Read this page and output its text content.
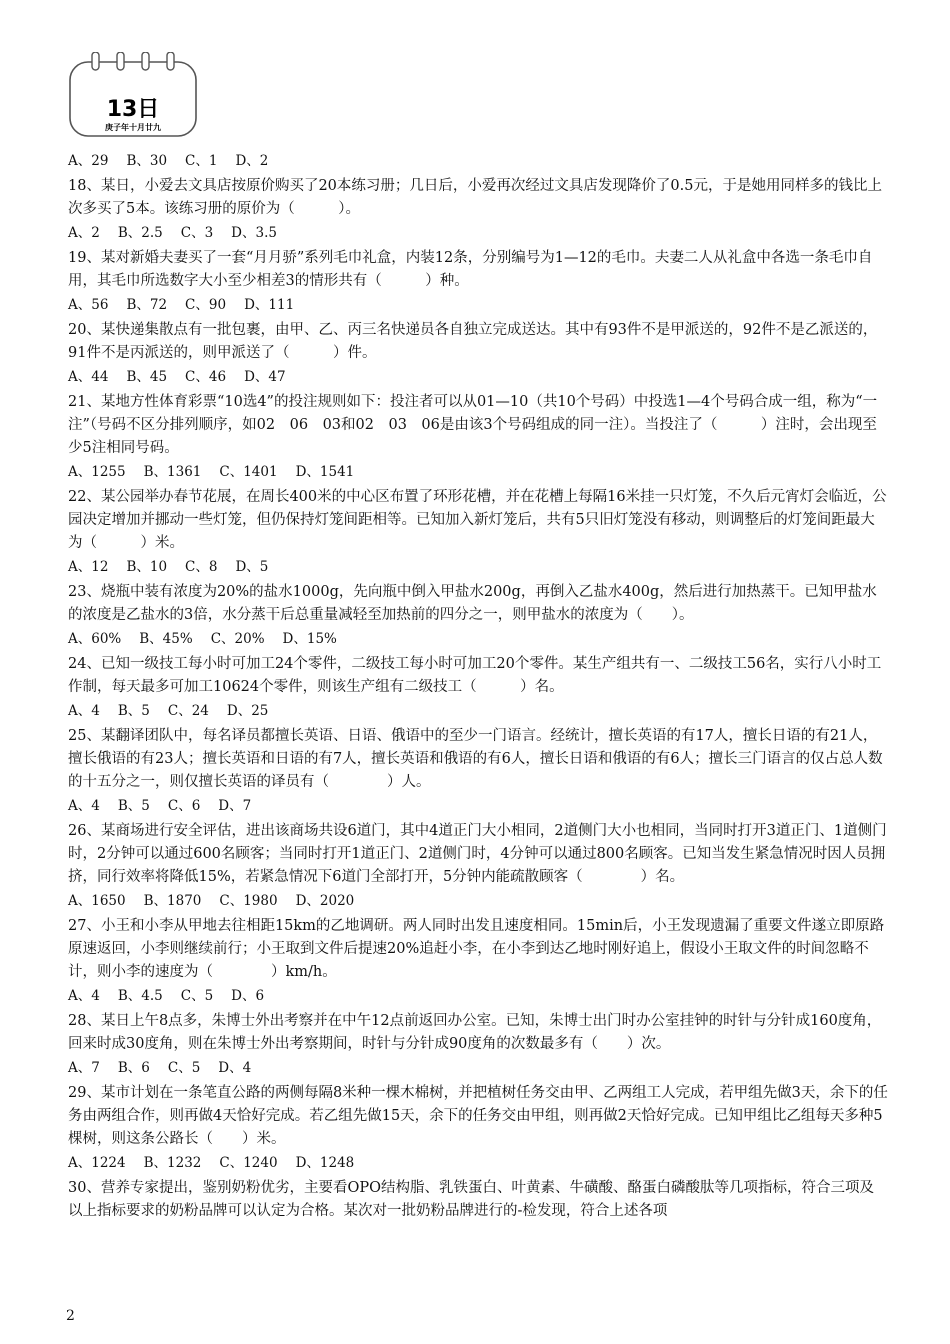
13日
庚子年十月廿九
A、29 B、30 C、1 D、2
18、某日，小爱去文具店按原价购买了20本练习册；几日后，小爱再次经过文具店发现降价了0.5元，于是她用同样多的钱比上次多买了5本。该练习册的原价为（　　　）。
A、2 B、2.5 C、3 D、3.5
19、某对新婚夫妻买了一套“月月骄”系列毛巾礼盒，内装12条，分别编号为1—12的毛巾。夫妻二人从礼盒中各选一条毛巾自用，其毛巾所选数字大小至少相差3的情形共有（　　　）种。
A、56 B、72 C、90 D、111
20、某快递集散点有一批包裹，由甲、乙、丙三名快递员各自独立完成送达。其中有93件不是甲派送的，92件不是乙派送的，91件不是丙派送的，则甲派送了（　　　）件。
A、44 B、45 C、46 D、47
21、某地方性体育彩票“10选4”的投注规则如下：投注者可以从01—10（共10个号码）中投选1—4个号码合成一组，称为“一注”（号码不区分排列顺序，如02　06　03和02　03　06是由该3个号码组成的同一注）。当投注了（　　　）注时，会出现至少5注相同号码。
A、1255 B、1361 C、1401 D、1541
22、某公园举办春节花展，在周长400米的中心区布置了环形花槽，并在花槽上每隔16米挂一只灯笼，不久后元宵灯会临近，公园决定增加并挪动一些灯笼，但仍保持灯笼间距相等。已知加入新灯笼后，共有5只旧灯笼没有移动，则调整后的灯笼间距最大为（　　　）米。
A、12 B、10 C、8 D、5
23、烧瓶中装有浓度为20%的盐水1000g，先向瓶中倒入甲盐水200g，再倒入乙盐水400g，然后进行加热蒸干。已知甲盐水的浓度是乙盐水的3倍，水分蒸干后总重量减轻至加热前的四分之一，则甲盐水的浓度为（　　）。
A、60% B、45% C、20% D、15%
24、已知一级技工每小时可加工24个零件，二级技工每小时可加工20个零件。某生产组共有一、二级技工56名，实行八小时工作制，每天最多可加工10624个零件，则该生产组有二级技工（　　　）名。
A、4 B、5 C、24 D、25
25、某翻译团队中，每名译员都擅长英语、日语、俄语中的至少一门语言。经统计，擅长英语的有17人，擅长日语的有21人，擅长俄语的有23人；擅长英语和日语的有7人，擅长英语和俄语的有6人，擅长日语和俄语的有6人；擅长三门语言的仅占总人数的十五分之一，则仅擅长英语的译员有（　　　　）人。
A、4 B、5 C、6 D、7
26、某商场进行安全评估，进出该商场共设6道门，其中4道正门大小相同，2道侧门大小也相同，当同时打开3道正门、1道侧门时，2分钟可以通过600名顾客；当同时打开1道正门、2道侧门时，4分钟可以通过800名顾客。已知当发生紧急情况时因人员拥挤，同行效率将降低15%，若紧急情况下6道门全部打开，5分钟内能疏散顾客（　　　　）名。
A、1650 B、1870 C、1980 D、2020
27、小王和小李从甲地去往相距15km的乙地调研。两人同时出发且速度相同。15min后，小王发现遗漏了重要文件遂立即原路原速返回，小李则继续前行；小王取到文件后提速20%追赶小李，在小李到达乙地时刚好追上，假设小王取文件的时间忽略不计，则小李的速度为（　　　　）km/h。
A、4 B、4.5 C、5 D、6
28、某日上午8点多，朱博士外出考察并在中午12点前返回办公室。已知，朱博士出门时办公室挂钟的时针与分针成160度角，回来时成30度角，则在朱博士外出考察期间，时针与分针成90度角的次数最多有（　　）次。
A、7 B、6 C、5 D、4
29、某市计划在一条笔直公路的两侧每隔8米种一棵木棉树，并把植树任务交由甲、乙两组工人完成，若甲组先做3天，余下的任务由两组合作，则再做4天恰好完成。若乙组先做15天，余下的任务交由甲组，则再做2天恰好完成。已知甲组比乙组每天多种5棵树，则这条公路长（　　）米。
A、1224 B、1232 C、1240 D、1248
30、营养专家提出，鉴别奶粉优劣，主要看OPO结构脂、乳铁蛋白、叶黄素、牛磺酸、酪蛋白磷酸肽等几项指标，符合三项及以上指标要求的奶粉品牌可以认定为合格。某次对一批奶粉品牌进行的-检发现，符合上述各项
2
